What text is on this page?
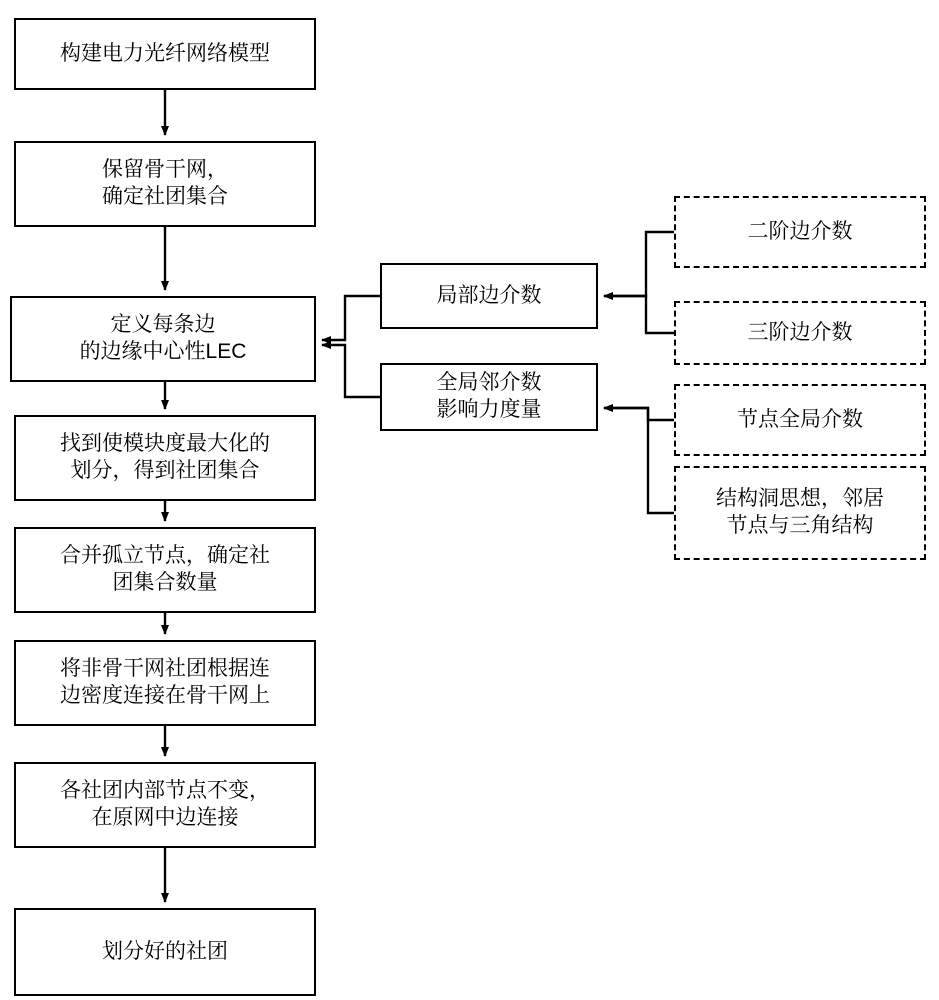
构建电力光纤网络模型
保留骨干网，
确定社团集合
定义每条边
的边缘中心性LEC
找到使模块度最大化的
划分，得到社团集合
合并孤立节点，确定社
团集合数量
将非骨干网社团根据连
边密度连接在骨干网上
各社团内部节点不变，
在原网中边连接
划分好的社团
局部边介数
全局邻介数
影响力度量
二阶边介数
三阶边介数
节点全局介数
结构洞思想，邻居
节点与三角结构
